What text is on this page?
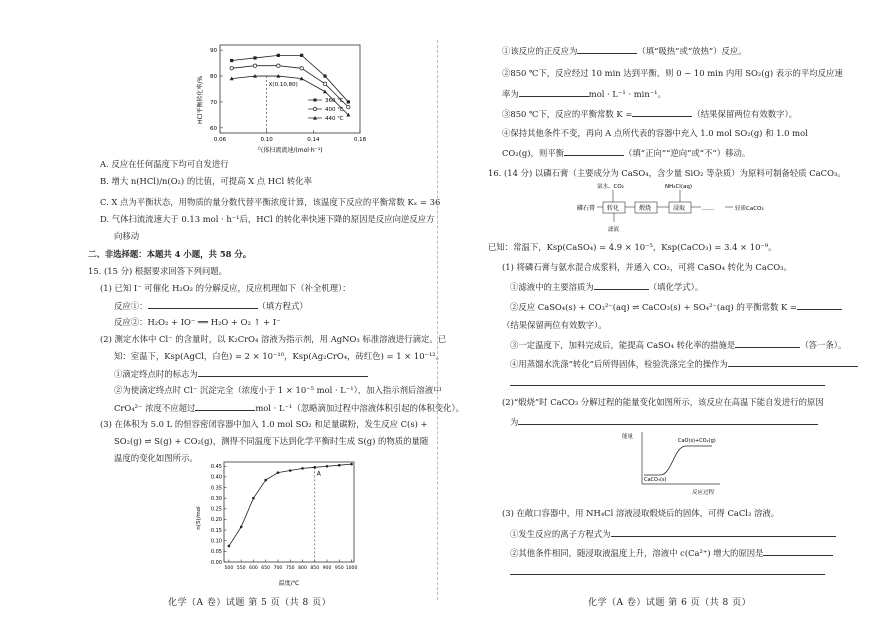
HCl平衡转化率/%
90
80
70
60
0.06	0.10	0.14	0.18
X(0.10,80)
360 ℃
400 ℃
440 ℃
气体扫流流速/(mol·h⁻¹)
A. 反应在任何温度下均可自发进行
B. 增大 n(HCl)/n(O₂) 的比值，可提高 X 点 HCl 转化率
C. X 点为平衡状态，用物质的量分数代替平衡浓度计算，该温度下反应的平衡常数 Kₓ = 36
D. 气体扫流流速大于 0.13 mol · h⁻¹后，HCl 的转化率快速下降的原因是反应向逆反应方
向移动
二、非选择题：本题共 4 小题，共 58 分。
15. (15 分) 根据要求回答下列问题。
(1) 已知 I⁻ 可催化 H₂O₂ 的分解反应，反应机理如下（补全机理）：
反应①：	（填方程式）
反应②：H₂O₂ + IO⁻ ══ H₂O + O₂ ↑ + I⁻
(2) 测定水体中 Cl⁻ 的含量时，以 K₂CrO₄ 溶液为指示剂，用 AgNO₃ 标准溶液进行滴定。已
知：室温下，Ksp(AgCl，白色) = 2 × 10⁻¹⁰，Ksp(Ag₂CrO₄，砖红色) = 1 × 10⁻¹²。
①滴定终点时的标志为
②为使滴定终点时 Cl⁻ 沉淀完全（浓度小于 1 × 10⁻⁵ mol · L⁻¹），加入指示剂后溶液中
CrO₄²⁻ 浓度不应超过	mol · L⁻¹（忽略滴加过程中溶液体积引起的体积变化）。
(3) 在体积为 5.0 L 的恒容密闭容器中加入 1.0 mol SO₂ 和足量碳粉，发生反应 C(s) +
SO₂(g) ⇌ S(g) + CO₂(g)，测得不同温度下达到化学平衡时生成 S(g) 的物质的量随
温度的变化如图所示。
n(S)/mol
0.45
0.40
0.35
0.30
0.25
0.20
0.15
0.10
0.05
0.00
500 550 600 650 700 750 800 850 900 950 1000
A
温度/℃
化学（A 卷）试题 第 5 页（共 8 页）
①该反应的正反应为	（填“吸热”或“放热”）反应。
②850 ℃下，反应经过 10 min 达到平衡，则 0 ~ 10 min 内用 SO₂(g) 表示的平均反应速
率为	mol · L⁻¹ · min⁻¹。
③850 ℃下，反应的平衡常数 K =	（结果保留两位有效数字）。
④保持其他条件不变，再向 A 点所代表的容器中充入 1.0 mol SO₂(g) 和 1.0 mol
CO₂(g)，则平衡	（填“正向”“逆向”或“不”）移动。
16. (14 分) 以磷石膏（主要成分为 CaSO₄，含少量 SiO₂ 等杂质）为原料可制备轻质 CaCO₃。
氨水、CO₂	NH₄Cl(aq)
磷石膏 转化	煅烧	浸取	……	轻质CaCO₃
滤液
已知：常温下，Ksp(CaSO₄) = 4.9 × 10⁻⁵，Ksp(CaCO₃) = 3.4 × 10⁻⁹。
(1) 将磷石膏与氨水混合成浆料，并通入 CO₂，可将 CaSO₄ 转化为 CaCO₃。
①滤液中的主要溶质为	（填化学式）。
②反应 CaSO₄(s) + CO₃²⁻(aq) ⇌ CaCO₃(s) + SO₄²⁻(aq) 的平衡常数 K =
（结果保留两位有效数字）。
③一定温度下，加料完成后，能提高 CaSO₄ 转化率的措施是	（答一条）。
④用蒸馏水洗涤“转化”后所得固体，检验洗涤完全的操作为
(2)“煅烧”时 CaCO₃ 分解过程的能量变化如图所示，该反应在高温下能自发进行的原因
为
能量
CaO(s)+CO₂(g)
CaCO₃(s)
反应过程
(3) 在敞口容器中，用 NH₄Cl 溶液浸取煅烧后的固体，可得 CaCl₂ 溶液。
①发生反应的离子方程式为
②其他条件相同，随浸取液温度上升，溶液中 c(Ca²⁺) 增大的原因是
化学（A 卷）试题 第 6 页（共 8 页）
